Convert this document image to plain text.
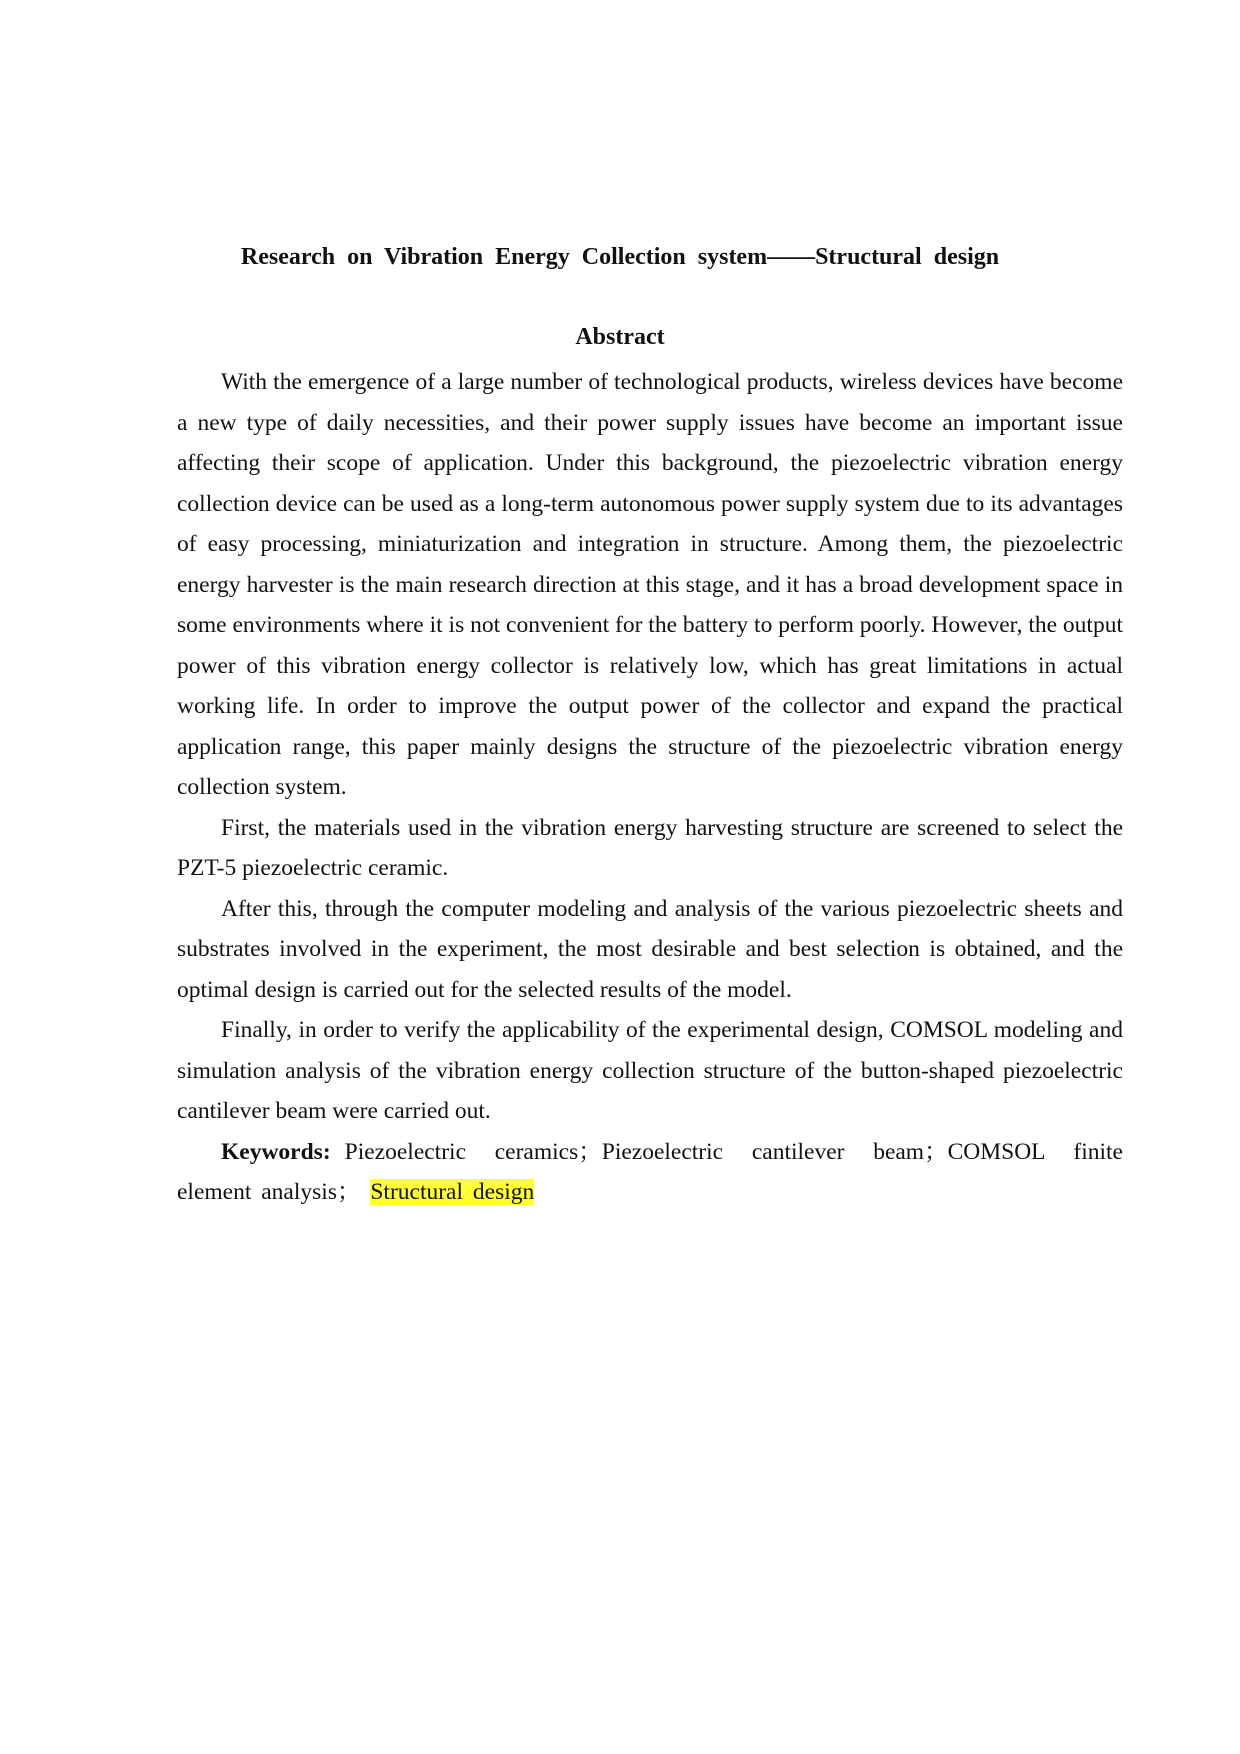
Research on Vibration Energy Collection system——Structural design
Abstract

With the emergence of a large number of technological products, wireless devices have become a new type of daily necessities, and their power supply issues have become an important issue affecting their scope of application. Under this background, the piezoelectric vibration energy collection device can be used as a long-term autonomous power supply system due to its advantages of easy processing, miniaturization and integration in structure. Among them, the piezoelectric energy harvester is the main research direction at this stage, and it has a broad development space in some environments where it is not convenient for the battery to perform poorly. However, the output power of this vibration energy collector is relatively low, which has great limitations in actual working life. In order to improve the output power of the collector and expand the practical application range, this paper mainly designs the structure of the piezoelectric vibration energy collection system.

First, the materials used in the vibration energy harvesting structure are screened to select the PZT-5 piezoelectric ceramic.

After this, through the computer modeling and analysis of the various piezoelectric sheets and substrates involved in the experiment, the most desirable and best selection is obtained, and the optimal design is carried out for the selected results of the model.

Finally, in order to verify the applicability of the experimental design, COMSOL modeling and simulation analysis of the vibration energy collection structure of the button-shaped piezoelectric cantilever beam were carried out.

Keywords: Piezoelectric ceramics；Piezoelectric cantilever beam；COMSOL finite element analysis； Structural design
